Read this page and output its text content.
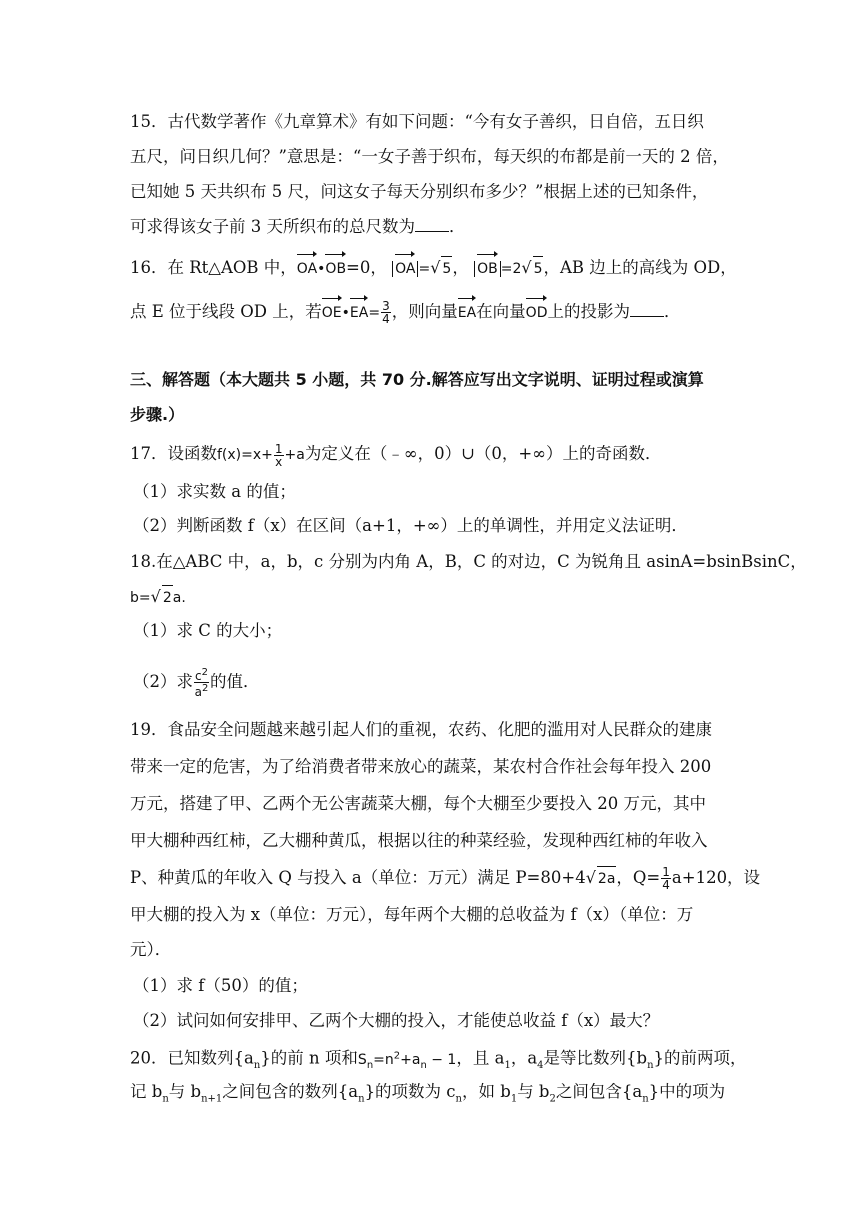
15．古代数学著作《九章算术》有如下问题：“今有女子善织，日自倍，五日织
五尺，问日织几何？”意思是：“一女子善于织布，每天织的布都是前一天的 2 倍，
已知她 5 天共织布 5 尺，问这女子每天分别织布多少？”根据上述的已知条件，
可求得该女子前 3 天所织布的总尺数为 ．
16．在 Rt△AOB 中，OA•OB=0， OA =√ 5， OB =2√ 5，AB 边上的高线为 OD，
点 E 位于线段 OD 上，若OE•EA= $\frac{3}{4}$ ，则向量EA在向量OD上的投影为 ．
三、解答题（本大题共 5 小题，共 70 分.解答应写出文字说明、证明过程或演算
步骤.）
17．设函数$f(x)=x+ \frac{1}{x} +a$为定义在（﹣∞，0）∪（0，+∞）上的奇函数．
（1）求实数 a 的值；
（2）判断函数 f（x）在区间（a+1，+∞）上的单调性，并用定义法证明．
18.在△ABC 中，a，b，c 分别为内角 A，B，C 的对边，C 为锐角且 asinA=bsinBsinC，
b=√ 2a.
（1）求 C 的大小；
（2）求 $\frac{c^2}{a^2}$ 的值．
19．食品安全问题越来越引起人们的重视，农药、化肥的滥用对人民群众的建康
带来一定的危害，为了给消费者带来放心的蔬菜，某农村合作社会每年投入 200
万元，搭建了甲、乙两个无公害蔬菜大棚，每个大棚至少要投入 20 万元，其中
甲大棚种西红柿，乙大棚种黄瓜，根据以往的种菜经验，发现种西红柿的年收入
P、种黄瓜的年收入 Q 与投入 a（单位：万元）满足 P=80+4√ 2a，$Q= \frac{1}{4} a+120$，设
甲大棚的投入为 x（单位：万元），每年两个大棚的总收益为 f（x）（单位：万
元）．
（1）求 f（50）的值；
（2）试问如何安排甲、乙两个大棚的投入，才能使总收益 f（x）最大？
20．已知数列$\{a_n\}$的前 n 项和$S_n=n^2+a_n - 1$，且 $a_1$，$a_4$是等比数列$\{b_n\}$的前两项，
记 $b_n$与 $b_{n+1}$之间包含的数列$\{a_n\}$的项数为 $c_n$，如 $b_1$与 $b_2$之间包含$\{a_n\}$中的项为
